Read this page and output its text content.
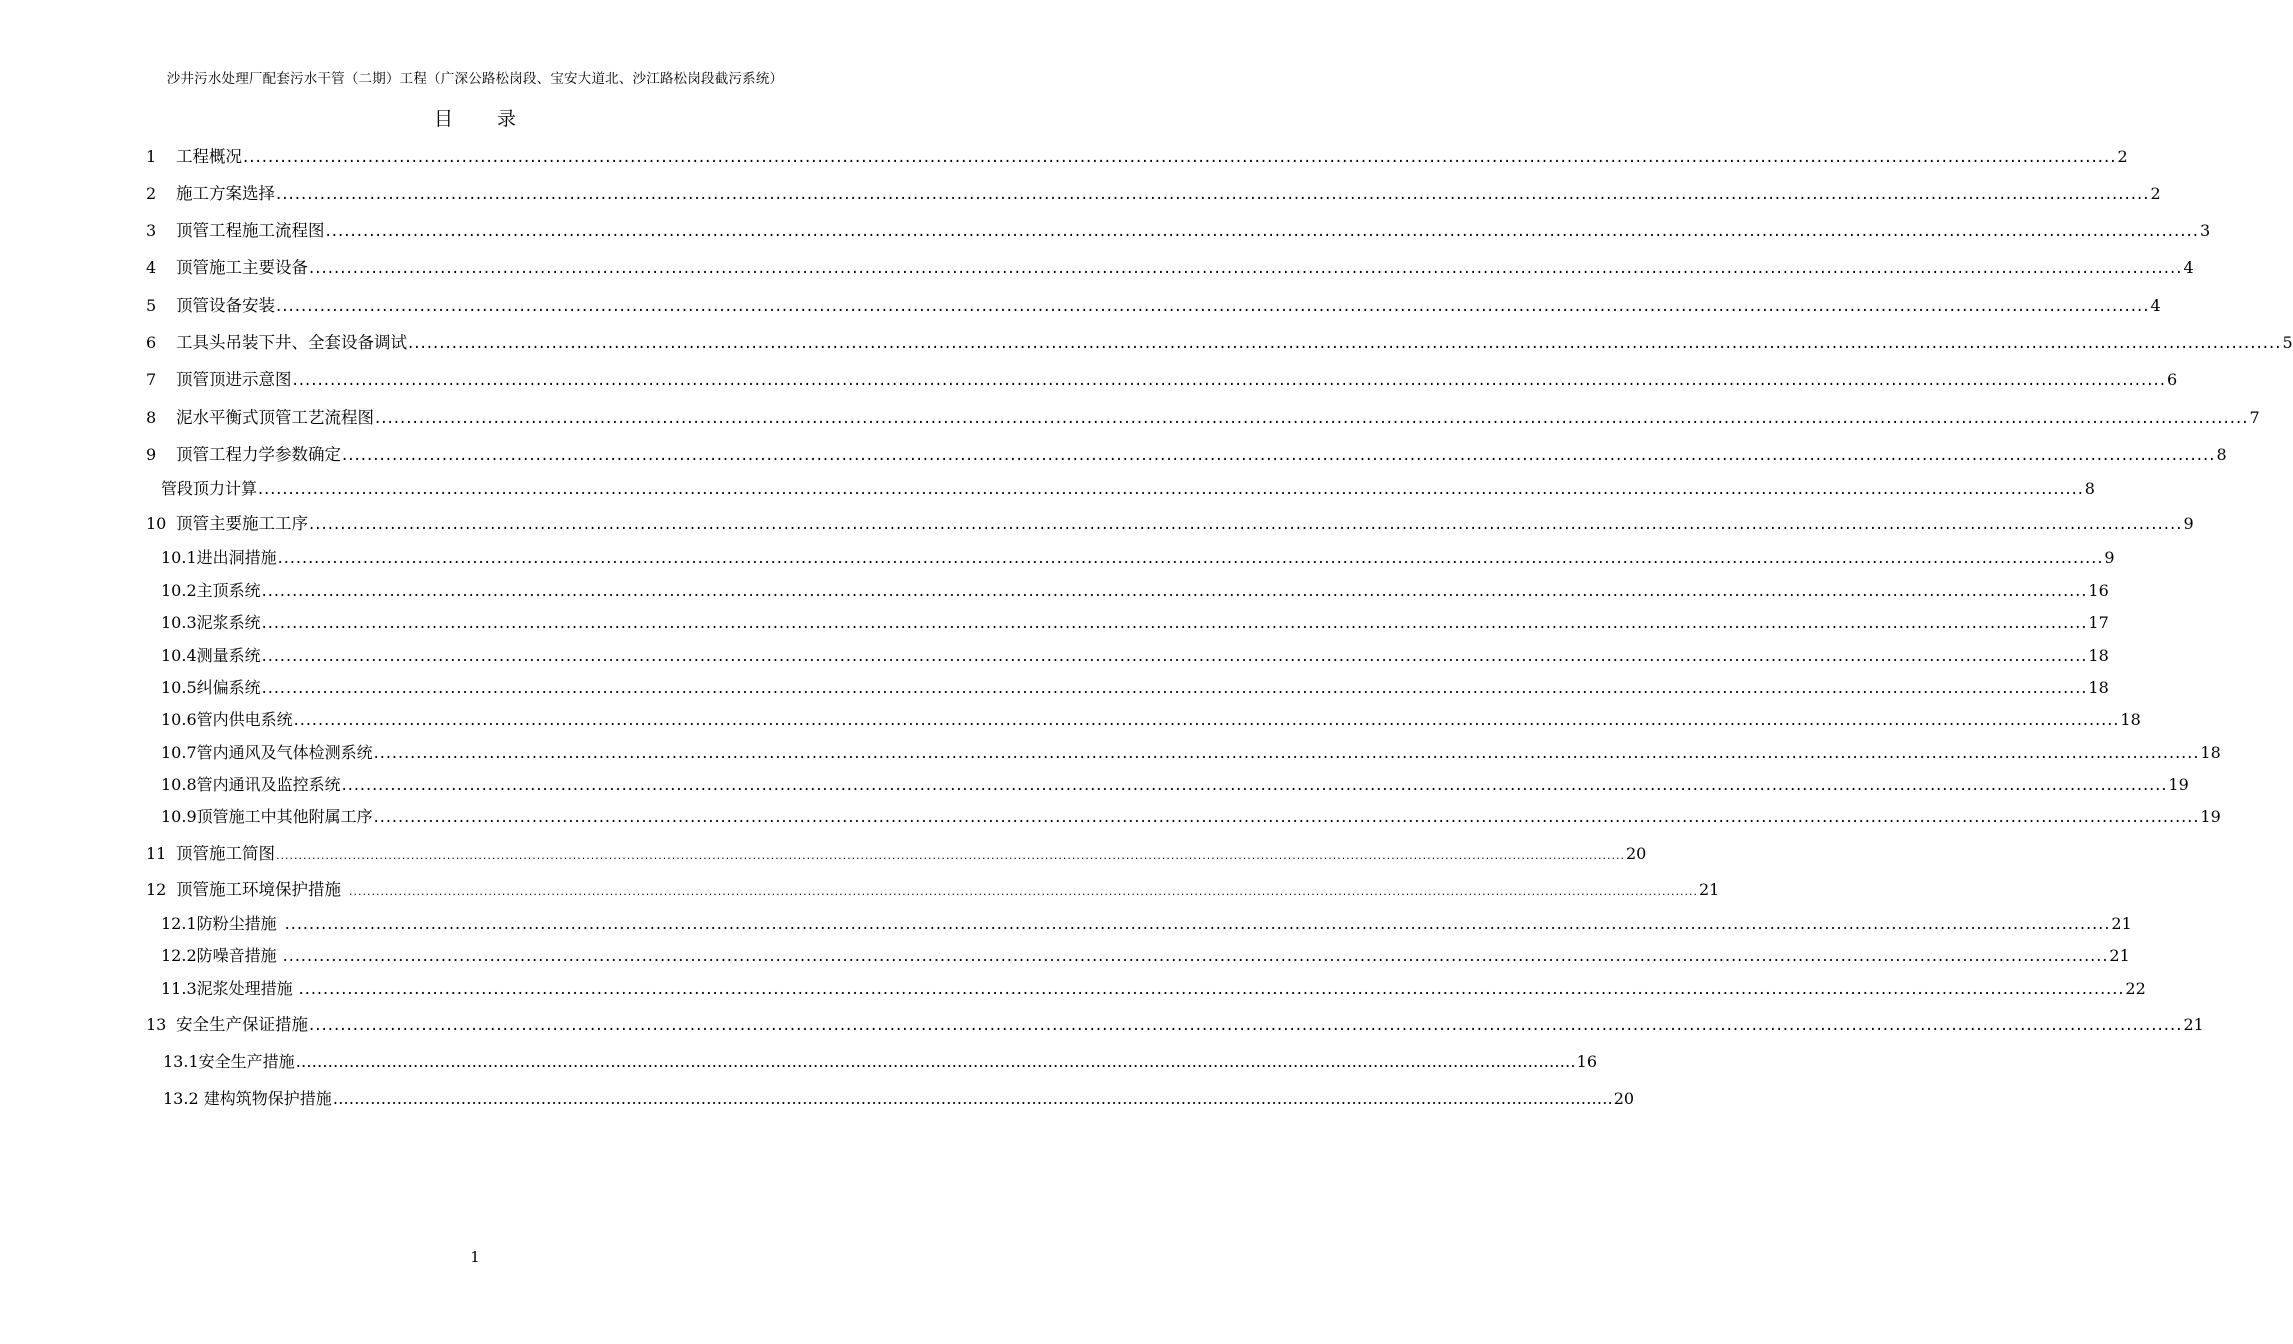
沙井污水处理厂配套污水干管（二期）工程（广深公路松岗段、宝安大道北、沙江路松岗段截污系统）
目 录
1	工程概况 ............................................................................................................................................................................................................................................................................................................ 2
2	施工方案选择 ............................................................................................................................................................................................................................................................................................................ 2
3	顶管工程施工流程图 ............................................................................................................................................................................................................................................................................................................ 3
4	顶管施工主要设备 ............................................................................................................................................................................................................................................................................................................ 4
5	顶管设备安装 ............................................................................................................................................................................................................................................................................................................ 4
6	工具头吊装下井、全套设备调试 ............................................................................................................................................................................................................................................................................................................ 5
7	顶管顶进示意图 ............................................................................................................................................................................................................................................................................................................ 6
8	泥水平衡式顶管工艺流程图 ............................................................................................................................................................................................................................................................................................................ 7
9	顶管工程力学参数确定 ............................................................................................................................................................................................................................................................................................................ 8
管段顶力计算 ............................................................................................................................................................................................................................................................................................................ 8
10 顶管主要施工工序 ............................................................................................................................................................................................................................................................................................................ 9
10.1进出洞措施 ............................................................................................................................................................................................................................................................................................................ 9
10.2主顶系统 ............................................................................................................................................................................................................................................................................................................ 16
10.3泥浆系统 ............................................................................................................................................................................................................................................................................................................ 17
10.4测量系统 ............................................................................................................................................................................................................................................................................................................ 18
10.5纠偏系统 ............................................................................................................................................................................................................................................................................................................ 18
10.6管内供电系统 ............................................................................................................................................................................................................................................................................................................ 18
10.7管内通风及气体检测系统 ............................................................................................................................................................................................................................................................................................................ 18
10.8管内通讯及监控系统 ............................................................................................................................................................................................................................................................................................................ 19
10.9顶管施工中其他附属工序 ............................................................................................................................................................................................................................................................................................................ 19
11 顶管施工简图 ............................................................................................................................................................................................................................................................................................................ 20
12 顶管施工环境保护措施 ............................................................................................................................................................................................................................................................................................................ 21
12.1防粉尘措施 ............................................................................................................................................................................................................................................................................................................ 21
12.2防噪音措施 ............................................................................................................................................................................................................................................................................................................ 21
11.3泥浆处理措施 ............................................................................................................................................................................................................................................................................................................ 22
13 安全生产保证措施 ............................................................................................................................................................................................................................................................................................................ 21
13.1安全生产措施 …………………………………………………………………………………………………………………………………………………………………………………………………………………… 16
13.2 建构筑物保护措施 …………………………………………………………………………………………………………………………………………………………………………………………………………………… 20
1
